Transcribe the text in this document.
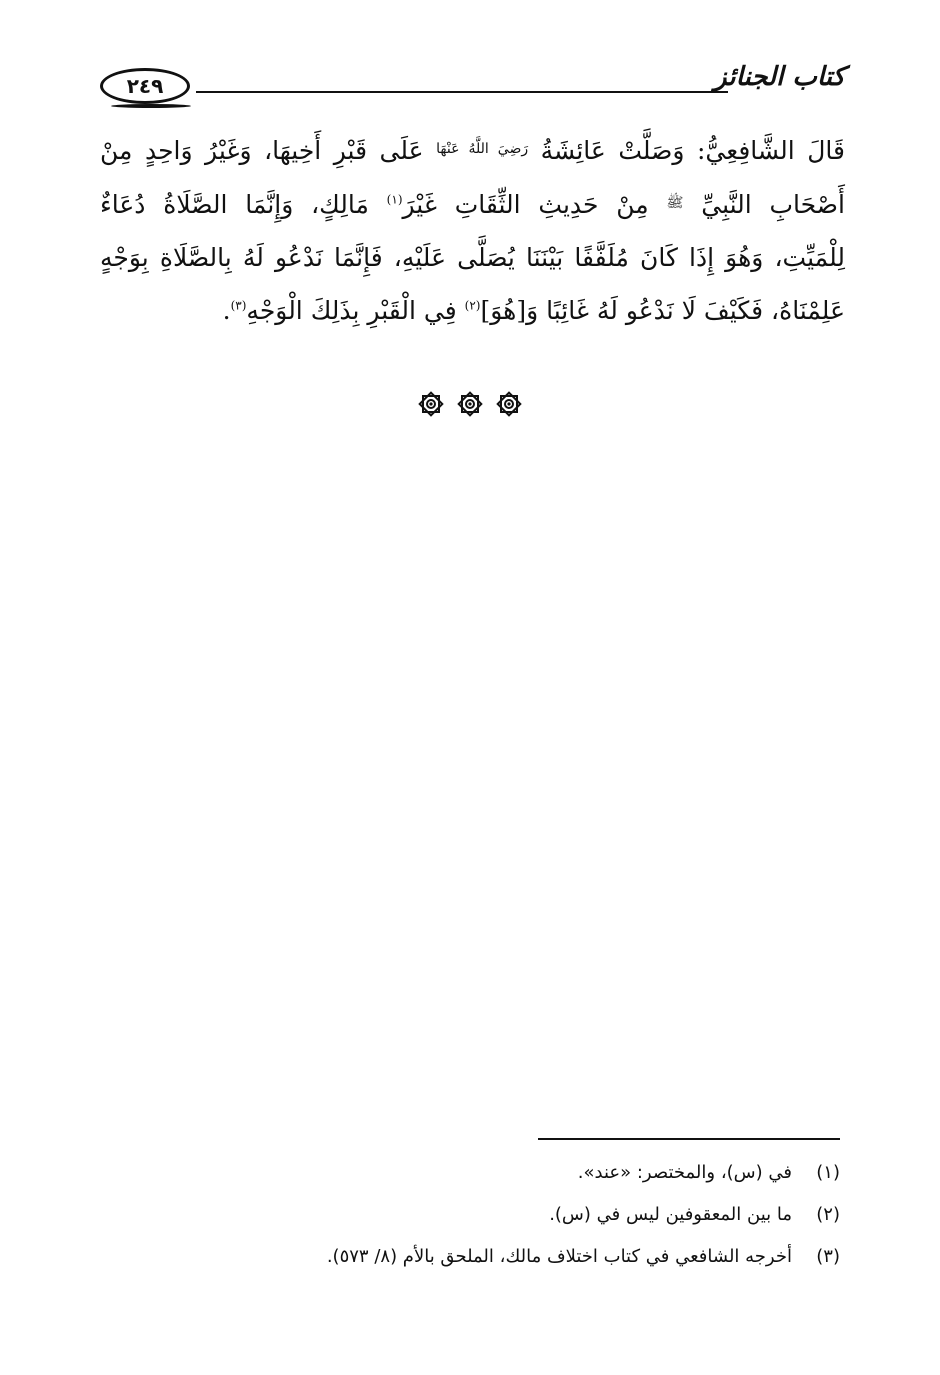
٢٤٩	كتاب الجنائز
قَالَ الشَّافِعِيُّ: وَصَلَّتْ عَائِشَةُ $^{رَضِيَ اللَّهُ عَنْهَا}$ عَلَى قَبْرِ أَخِيهَا، وَغَيْرُ وَاحِدٍ مِنْ
أَصْحَابِ النَّبِيِّ $^ﷺ$ مِنْ حَدِيثِ الثِّقَاتِ غَيْرَ$^{(١)}$ مَالِكٍ، وَإِنَّمَا الصَّلَاةُ دُعَاءٌ
لِلْمَيِّتِ، وَهُوَ إِذَا كَانَ مُلَفَّفًا بَيْنَنَا يُصَلَّى عَلَيْهِ، فَإِنَّمَا نَدْعُو لَهُ بِالصَّلَاةِ بِوَجْهٍ
عَلِمْنَاهُ، فَكَيْفَ لَا نَدْعُو لَهُ غَائِبًا وَ[هُوَ]$^{(٢)}$ فِي الْقَبْرِ بِذَلِكَ الْوَجْهِ$^{(٣)}$.

(١)
في (س)، والمختصر: «عند».
(٢)
ما بين المعقوفين ليس في (س).
(٣)
أخرجه الشافعي في كتاب اختلاف مالك، الملحق بالأم (٨/ ٥٧٣).
